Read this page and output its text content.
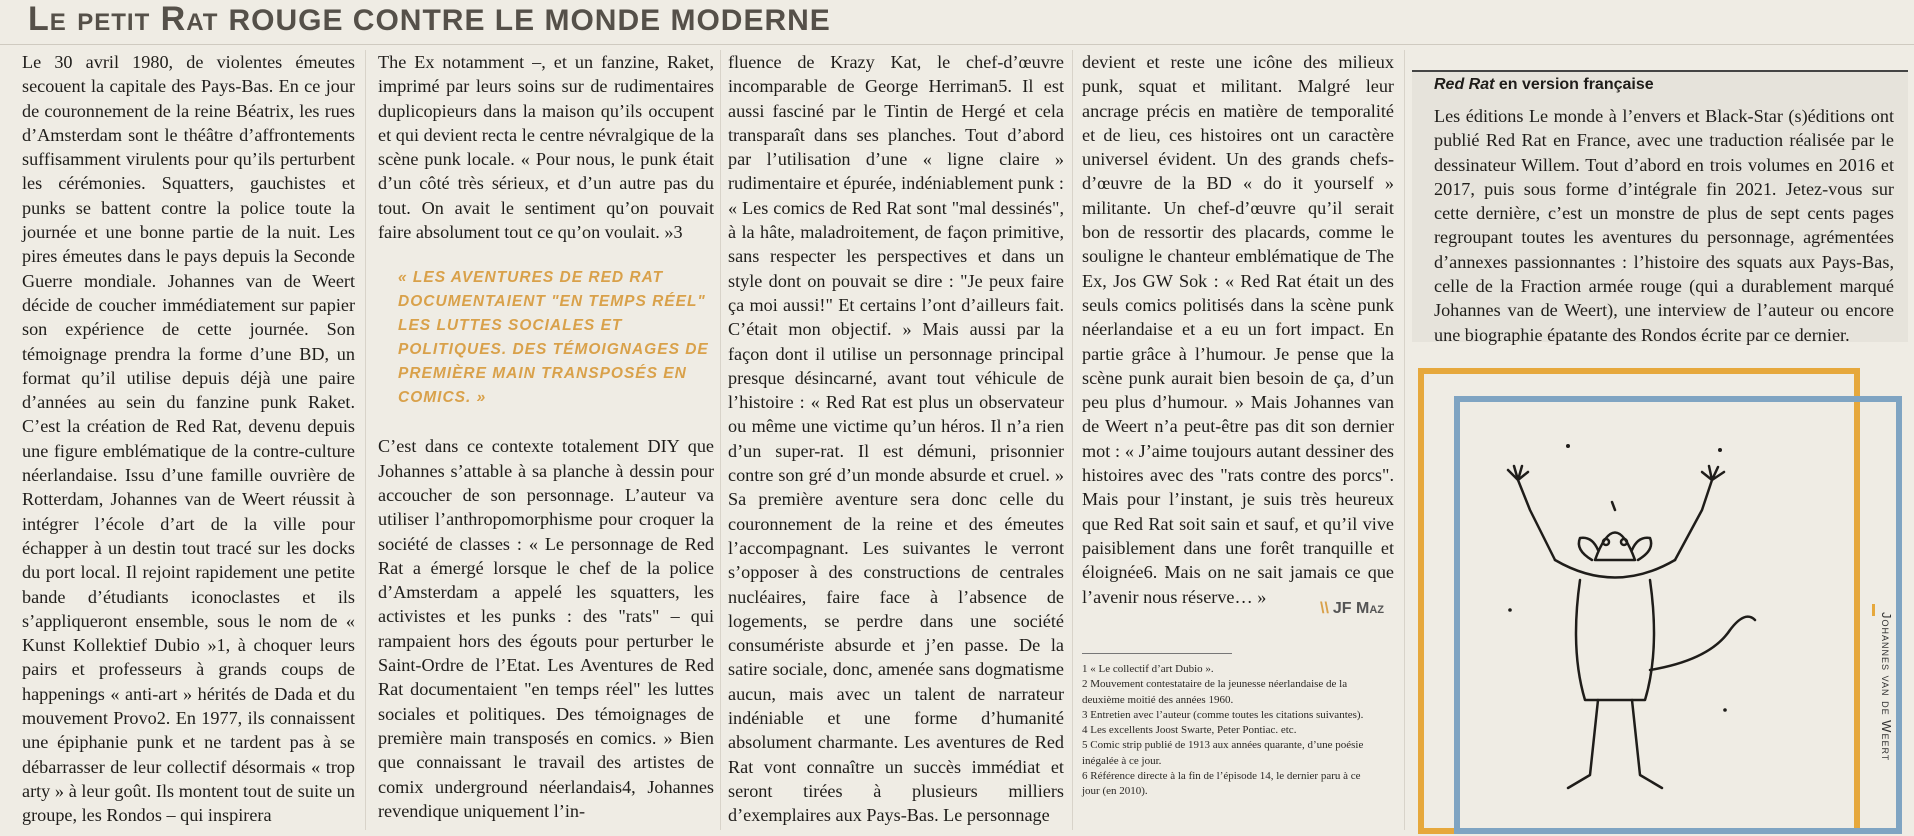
Le petit Rat ROUGE CONTRE LE MONDE MODERNE

Le 30 avril 1980, de violentes émeutes secouent la capitale des Pays-Bas. En ce jour de couronnement de la reine Béatrix, les rues d’Amsterdam sont le théâtre d’affrontements suffisamment virulents pour qu’ils perturbent les cérémonies. Squatters, gauchistes et punks se battent contre la police toute la journée et une bonne partie de la nuit. Les pires émeutes dans le pays depuis la Seconde Guerre mondiale. Johannes van de Weert décide de coucher immédiatement sur papier son expérience de cette journée. Son témoignage prendra la forme d’une BD, un format qu’il utilise depuis déjà une paire d’années au sein du fanzine punk Raket. C’est la création de Red Rat, devenu depuis une figure emblématique de la contre-culture néerlandaise. Issu d’une famille ouvrière de Rotterdam, Johannes van de Weert réussit à intégrer l’école d’art de la ville pour échapper à un destin tout tracé sur les docks du port local. Il rejoint rapidement une petite bande d’étudiants iconoclastes et ils s’appliqueront ensemble, sous le nom de « Kunst Kollektief Dubio »1, à choquer leurs pairs et professeurs à grands coups de happenings « anti-art » hérités de Dada et du mouvement Provo2. En 1977, ils connaissent une épiphanie punk et ne tardent pas à se débarrasser de leur collectif désormais « trop arty » à leur goût. Ils montent tout de suite un groupe, les Rondos – qui inspirera

The Ex notamment –, et un fanzine, Raket, imprimé par leurs soins sur de rudimentaires duplicopieurs dans la maison qu’ils occupent et qui devient recta le centre névralgique de la scène punk locale. « Pour nous, le punk était d’un côté très sérieux, et d’un autre pas du tout. On avait le sentiment qu’on pouvait faire absolument tout ce qu’on voulait. »3

« LES AVENTURES DE RED RAT DOCUMENTAIENT "EN TEMPS RÉEL" LES LUTTES SOCIALES ET POLITIQUES. DES TÉMOIGNAGES DE PREMIÈRE MAIN TRANSPOSÉS EN COMICS. »

C’est dans ce contexte totalement DIY que Johannes s’attable à sa planche à dessin pour accoucher de son personnage. L’auteur va utiliser l’anthropomorphisme pour croquer la société de classes : « Le personnage de Red Rat a émergé lorsque le chef de la police d’Amsterdam a appelé les squatters, les activistes et les punks : des "rats" – qui rampaient hors des égouts pour perturber le Saint-Ordre de l’Etat. Les Aventures de Red Rat documentaient "en temps réel" les luttes sociales et politiques. Des témoignages de première main transposés en comics. » Bien que connaissant le travail des artistes de comix underground néerlandais4, Johannes revendique uniquement l’in-

fluence de Krazy Kat, le chef-d’œuvre incomparable de George Herriman5. Il est aussi fasciné par le Tintin de Hergé et cela transparaît dans ses planches. Tout d’abord par l’utilisation d’une « ligne claire » rudimentaire et épurée, indéniablement punk : « Les comics de Red Rat sont "mal dessinés", à la hâte, maladroitement, de façon primitive, sans respecter les perspectives et dans un style dont on pouvait se dire : "Je peux faire ça moi aussi!" Et certains l’ont d’ailleurs fait. C’était mon objectif. » Mais aussi par la façon dont il utilise un personnage principal presque désincarné, avant tout véhicule de l’histoire : « Red Rat est plus un observateur ou même une victime qu’un héros. Il n’a rien d’un super-rat. Il est démuni, prisonnier contre son gré d’un monde absurde et cruel. » Sa première aventure sera donc celle du couronnement de la reine et des émeutes l’accompagnant. Les suivantes le verront s’opposer à des constructions de centrales nucléaires, faire face à l’absence de logements, se perdre dans une société consumériste absurde et j’en passe. De la satire sociale, donc, amenée sans dogmatisme aucun, mais avec un talent de narrateur indéniable et une forme d’humanité absolument charmante. Les aventures de Red Rat vont connaître un succès immédiat et seront tirées à plusieurs milliers d’exemplaires aux Pays-Bas. Le personnage

devient et reste une icône des milieux punk, squat et militant. Malgré leur ancrage précis en matière de temporalité et de lieu, ces histoires ont un caractère universel évident. Un des grands chefs-d’œuvre de la BD « do it yourself » militante. Un chef-d’œuvre qu’il serait bon de ressortir des placards, comme le souligne le chanteur emblématique de The Ex, Jos GW Sok : « Red Rat était un des seuls comics politisés dans la scène punk néerlandaise et a eu un fort impact. En partie grâce à l’humour. Je pense que la scène punk aurait bien besoin de ça, d’un peu plus d’humour. » Mais Johannes van de Weert n’a peut-être pas dit son dernier mot : « J’aime toujours autant dessiner des histoires avec des "rats contre des porcs". Mais pour l’instant, je suis très heureux que Red Rat soit sain et sauf, et qu’il vive paisiblement dans une forêt tranquille et éloignée6. Mais on ne sait jamais ce que l’avenir nous réserve… »

\\ JF Maz
1 « Le collectif d’art Dubio ».
2 Mouvement contestataire de la jeunesse néerlandaise de la deuxième moitié des années 1960.
3 Entretien avec l’auteur (comme toutes les citations suivantes).
4 Les excellents Joost Swarte, Peter Pontiac. etc.
5 Comic strip publié de 1913 aux années quarante, d’une poésie inégalée à ce jour.
6 Référence directe à la fin de l’épisode 14, le dernier paru à ce jour (en 2010).
Red Rat en version française
Les éditions Le monde à l’envers et Black-Star (s)éditions ont publié Red Rat en France, avec une traduction réalisée par le dessinateur Willem. Tout d’abord en trois volumes en 2016 et 2017, puis sous forme d’intégrale fin 2021. Jetez-vous sur cette dernière, c’est un monstre de plus de sept cents pages regroupant toutes les aventures du personnage, agrémentées d’annexes passionnantes : l’histoire des squats aux Pays-Bas, celle de la Fraction armée rouge (qui a durablement marqué Johannes van de Weert), une interview de l’auteur ou encore une biographie épatante des Rondos écrite par ce dernier.
Johannes van de Weert
